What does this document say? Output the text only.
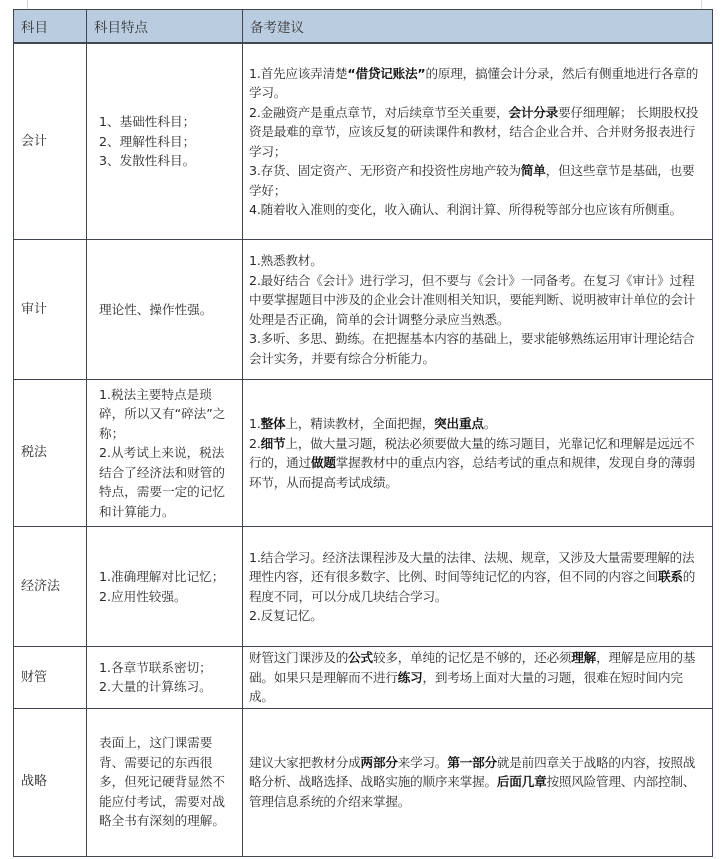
科目	科目特点	备考建议
会计	1、基础性科目；
2、理解性科目；
3、发散性科目。	1.首先应该弄清楚“借贷记账法”的原理，搞懂会计分录，然后有侧重地进行各章的学习。
2.金融资产是重点章节，对后续章节至关重要，会计分录要仔细理解； 长期股权投资是最难的章节，应该反复的研读课件和教材，结合企业合并、合并财务报表进行学习；
3.存货、固定资产、无形资产和投资性房地产较为简单，但这些章节是基础，也要学好；
4.随着收入准则的变化，收入确认、利润计算、所得税等部分也应该有所侧重。

审计	理论性、操作性强。	1.熟悉教材。
2.最好结合《会计》进行学习，但不要与《会计》一同备考。在复习《审计》过程中要掌握题目中涉及的企业会计准则相关知识，要能判断、说明被审计单位的会计处理是否正确，简单的会计调整分录应当熟悉。
3.多听、多思、勤练。在把握基本内容的基础上，要求能够熟练运用审计理论结合会计实务，并要有综合分析能力。

税法	1.税法主要特点是琐碎，所以又有“碎法”之称；
2.从考试上来说，税法结合了经济法和财管的特点，需要一定的记忆和计算能力。	1.整体上，精读教材，全面把握，突出重点。
2.细节上，做大量习题，税法必须要做大量的练习题目，光靠记忆和理解是远远不行的，通过做题掌握教材中的重点内容，总结考试的重点和规律，发现自身的薄弱环节，从而提高考试成绩。

经济法	1.准确理解对比记忆；
2.应用性较强。	1.结合学习。经济法课程涉及大量的法律、法规、规章，又涉及大量需要理解的法理性内容，还有很多数字、比例、时间等纯记忆的内容，但不同的内容之间联系的程度不同，可以分成几块结合学习。
2.反复记忆。

财管	1.各章节联系密切；
2.大量的计算练习。	财管这门课涉及的公式较多，单纯的记忆是不够的，还必须理解，理解是应用的基础。如果只是理解而不进行练习，到考场上面对大量的习题，很难在短时间内完成。

战略	表面上，这门课需要背、需要记的东西很多，但死记硬背显然不能应付考试，需要对战略全书有深刻的理解。	建议大家把教材分成两部分来学习。第一部分就是前四章关于战略的内容，按照战略分析、战略选择、战略实施的顺序来掌握。后面几章按照风险管理、内部控制、管理信息系统的介绍来掌握。
